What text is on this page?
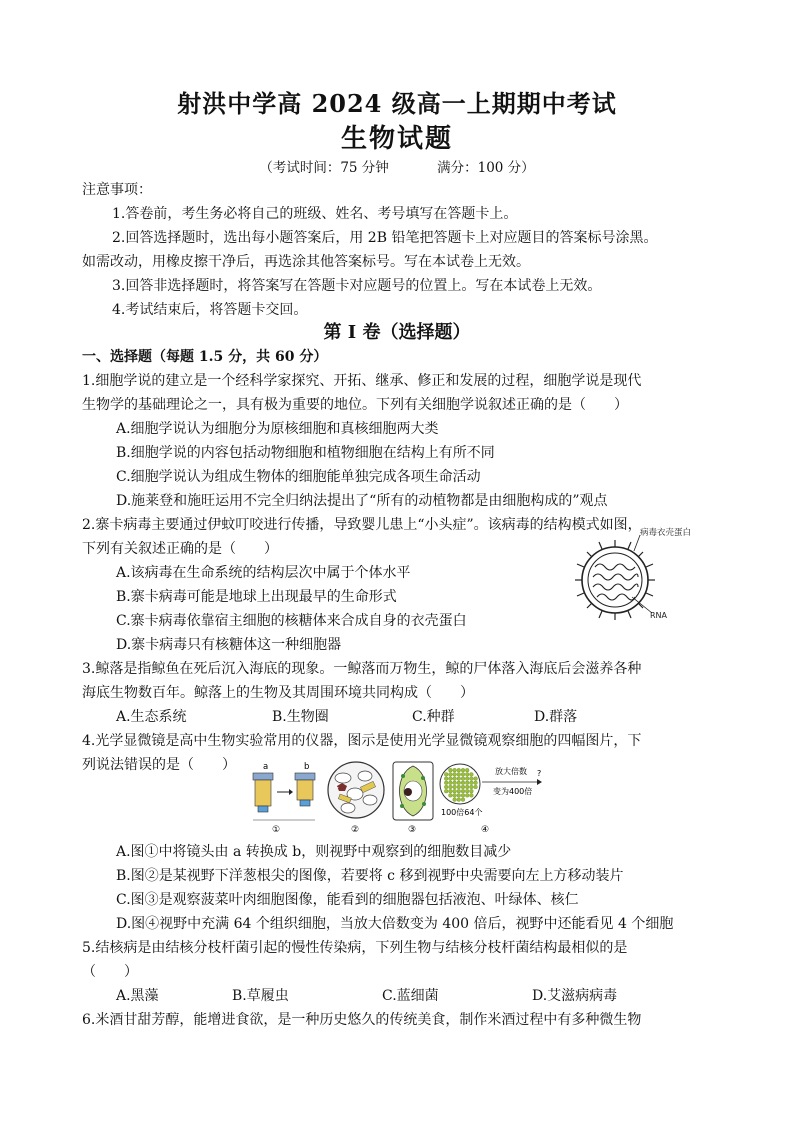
射洪中学高 2024 级高一上期期中考试
生物试题
（考试时间：75 分钟	满分：100 分）
注意事项：
1.答卷前，考生务必将自己的班级、姓名、考号填写在答题卡上。
2.回答选择题时，选出每小题答案后，用 2B 铅笔把答题卡上对应题目的答案标号涂黑。
如需改动，用橡皮擦干净后，再选涂其他答案标号。写在本试卷上无效。
3.回答非选择题时，将答案写在答题卡对应题号的位置上。写在本试卷上无效。
4.考试结束后，将答题卡交回。
第 I 卷（选择题）
一、选择题（每题 1.5 分，共 60 分）
1.细胞学说的建立是一个经科学家探究、开拓、继承、修正和发展的过程，细胞学说是现代
生物学的基础理论之一，具有极为重要的地位。下列有关细胞学说叙述正确的是（　　）
A.细胞学说认为细胞分为原核细胞和真核细胞两大类
B.细胞学说的内容包括动物细胞和植物细胞在结构上有所不同
C.细胞学说认为组成生物体的细胞能单独完成各项生命活动
D.施莱登和施旺运用不完全归纳法提出了“所有的动植物都是由细胞构成的”观点
2.寨卡病毒主要通过伊蚊叮咬进行传播，导致婴儿患上“小头症”。该病毒的结构模式如图，
下列有关叙述正确的是（　　）
A.该病毒在生命系统的结构层次中属于个体水平
B.寨卡病毒可能是地球上出现最早的生命形式
C.寨卡病毒依靠宿主细胞的核糖体来合成自身的衣壳蛋白
D.寨卡病毒只有核糖体这一种细胞器
病毒衣壳蛋白
RNA
3.鲸落是指鲸鱼在死后沉入海底的现象。一鲸落而万物生，鲸的尸体落入海底后会滋养各种
海底生物数百年。鲸落上的生物及其周围环境共同构成（　　）
A.生态系统	B.生物圈	C.种群	D.群落
4.光学显微镜是高中生物实验常用的仪器，图示是使用光学显微镜观察细胞的四幅图片，下
列说法错误的是（　　）	a	b
①
c
②	③
放大倍数
变为400倍
?
100倍64个
④
A.图①中将镜头由 a 转换成 b，则视野中观察到的细胞数目减少
B.图②是某视野下洋葱根尖的图像，若要将 c 移到视野中央需要向左上方移动装片
C.图③是观察菠菜叶肉细胞图像，能看到的细胞器包括液泡、叶绿体、核仁
D.图④视野中充满 64 个组织细胞，当放大倍数变为 400 倍后，视野中还能看见 4 个细胞
5.结核病是由结核分枝杆菌引起的慢性传染病，下列生物与结核分枝杆菌结构最相似的是
（　　）
A.黑藻	B.草履虫	C.蓝细菌	D.艾滋病病毒
6.米酒甘甜芳醇，能增进食欲，是一种历史悠久的传统美食，制作米酒过程中有多种微生物
